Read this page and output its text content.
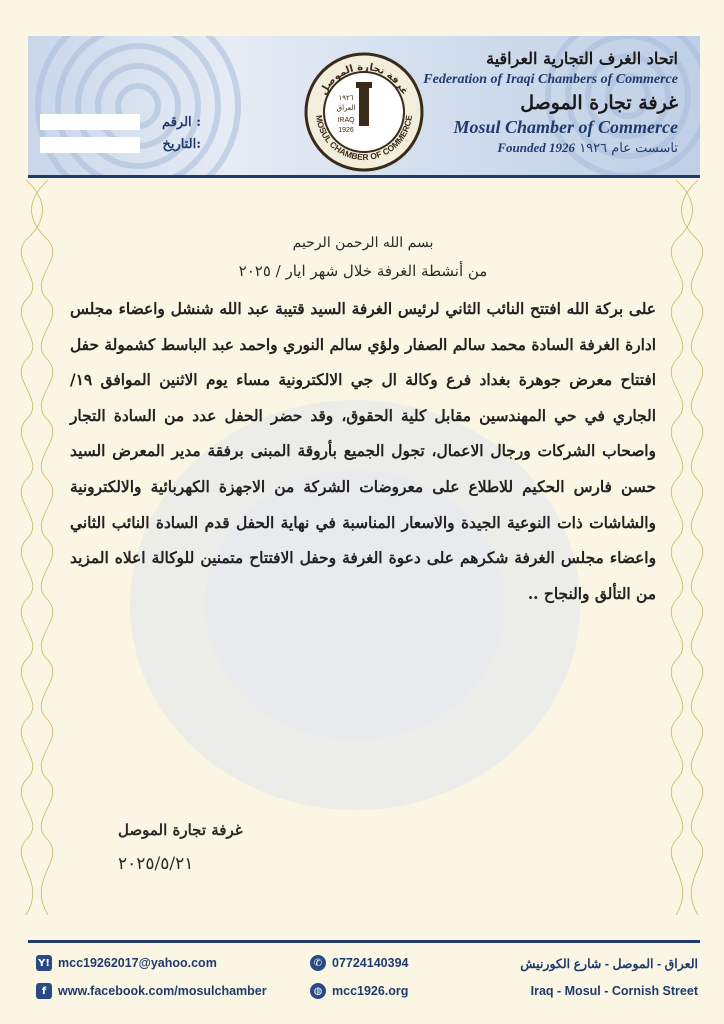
الرقم :
التاريخ:
غرفة تجارة الموصل
MOSUL CHAMBER OF COMMERCE
١٩٢٦
العراق
IRAQ
1926
اتحاد الغرف التجارية العراقية
Federation of Iraqi Chambers of Commerce
غرفة تجارة الموصل
Mosul Chamber of Commerce
Founded 1926 تاسست عام ١٩٢٦
بسم الله الرحمن الرحيم
من أنشطة الغرفة خلال شهر ايار / ٢٠٢٥

على بركة الله افتتح النائب الثاني لرئيس الغرفة السيد قتيبة عبد الله شنشل واعضاء مجلس ادارة الغرفة السادة محمد سالم الصفار ولؤي سالم النوري واحمد عبد الباسط كشمولة حفل افتتاح معرض جوهرة بغداد فرع وكالة ال جي الالكترونية مساء يوم الاثنين الموافق ١٩/ الجاري في حي المهندسين مقابل كلية الحقوق، وقد حضر الحفل عدد من السادة التجار واصحاب الشركات ورجال الاعمال، تجول الجميع بأروقة المبنى برفقة مدير المعرض السيد حسن فارس الحكيم للاطلاع على معروضات الشركة من الاجهزة الكهربائية والالكترونية والشاشات ذات النوعية الجيدة والاسعار المناسبة في نهاية الحفل قدم السادة النائب الثاني واعضاء مجلس الغرفة شكرهم على دعوة الغرفة وحفل الافتتاح متمنين للوكالة اعلاه المزيد من التألق والنجاح ..

غرفة تجارة الموصل
٢٠٢٥/٥/٢١
Y! mcc19262017@yahoo.com
f www.facebook.com/mosulchamber
✆ 07724140394
◍ mcc1926.org
العراق - الموصل - شارع الكورنيش
Iraq - Mosul - Cornish Street
